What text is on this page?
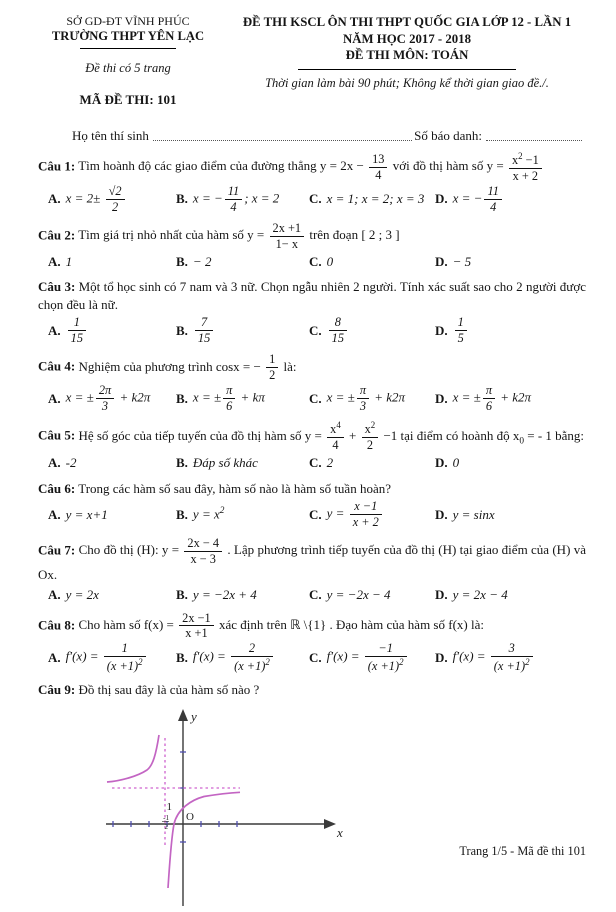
SỞ GD-ĐT VĨNH PHÚC
TRƯỜNG THPT YÊN LẠC
Đề thi có 5 trang
MÃ ĐỀ THI: 101
ĐỀ THI KSCL ÔN THI THPT QUỐC GIA LỚP 12 - LẦN 1
NĂM HỌC 2017 - 2018
ĐỀ THI MÔN: TOÁN
Thời gian làm bài 90 phút; Không kể thời gian giao đề./.
Họ tên thí sinh	Số báo danh:
Câu 1: Tìm hoành độ các giao điểm của đường thẳng $y = 2x - \frac{13}{4}$ với đồ thị hàm số $y = \frac{x^2 -1}{x + 2}$
A. $x = 2\pm \frac{√2}{2}$	B. x = − $\frac{11}{4}$ ; x = 2 C. x = 1; x = 2; x = 3 D. x = − $\frac{11}{4}$
Câu 2: Tìm giá trị nhỏ nhất của hàm số $y = \frac{2x +1}{1- x}$ trên đoạn [ 2 ; 3 ]
A. 1	B. − 2	C. 0	D. − 5
Câu 3: Một tổ học sinh có 7 nam và 3 nữ. Chọn ngẫu nhiên 2 người. Tính xác suất sao cho 2 người được chọn đều là nữ.
A. $\frac{1}{15}$	B. $\frac{7}{15}$	C. $\frac{8}{15}$	D. $\frac{1}{5}$
Câu 4: Nghiệm của phương trình cosx = − $\frac{1}{2}$ là:
A. x = ± $\frac{2\pi}{3} + k2\pi$ B. x = ± $\frac{\pi}{6} + k\pi$	C. x = ± $\frac{\pi}{3} + k2\pi$ D. x = ± $\frac{\pi}{6} + k2\pi$
Câu 5: Hệ số góc của tiếp tuyến của đồ thị hàm số $y = \frac{x^4}{4} + \frac{x^2}{2} -1$ tại điểm có hoành độ $x_0$ = - 1 bằng:
A. -2	B. Đáp số khác	C. 2	D. 0
Câu 6: Trong các hàm số sau đây, hàm số nào là hàm số tuần hoàn?
A. y = x+1	B. $y = x^2$	C. $y = \frac{x -1}{x + 2}$	D. y = sinx
Câu 7: Cho đồ thị (H): $y = \frac{2x - 4}{x - 3}$ . Lập phương trình tiếp tuyến của đồ thị (H) tại giao điểm của (H) và Ox.
A. y = 2x	B. y = −2x + 4	C. y = −2x − 4	D. y = 2x − 4
Câu 8: Cho hàm số $f(x) = \frac{2x -1}{x +1}$ xác định trên ℝ \{1} . Đạo hàm của hàm số f(x) là:
A. $f'(x) = \frac{1}{(x +1)^2} B$. $f'(x) = \frac{2}{(x +1)^2}$	C. $f'(x) = \frac{-1}{(x +1)^2} D$. $f'(x) = \frac{3}{(x +1)^2}$
Câu 9: Đồ thị sau đây là của hàm số nào ?
y
x
O
1
-1
2
Trang 1/5 - Mã đề thi 101
